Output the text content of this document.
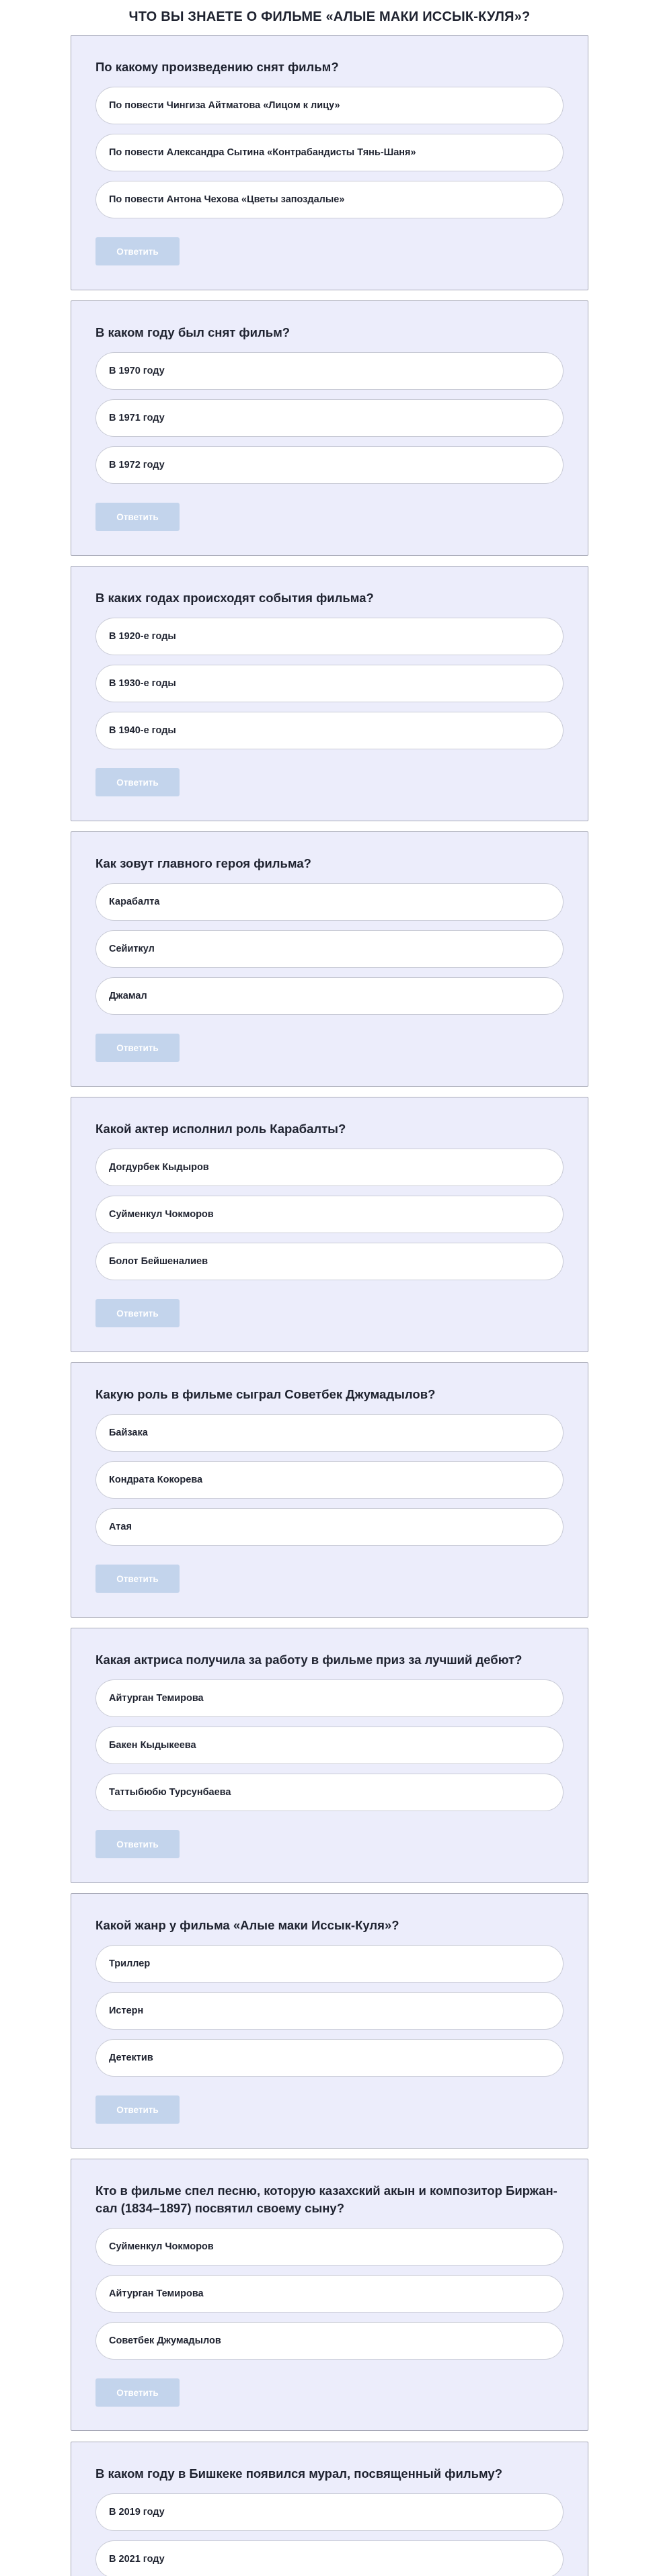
ЧТО ВЫ ЗНАЕТЕ О ФИЛЬМЕ «АЛЫЕ МАКИ ИССЫК-КУЛЯ»?
По какому произведению снят фильм?
По повести Чингиза Айтматова «Лицом к лицу»
По повести Александра Сытина «Контрабандисты Тянь-Шаня»
По повести Антона Чехова «Цветы запоздалые»
Ответить
В каком году был снят фильм?
В 1970 году
В 1971 году
В 1972 году
Ответить
В каких годах происходят события фильма?
В 1920-е годы
В 1930-е годы
В 1940-е годы
Ответить
Как зовут главного героя фильма?
Карабалта
Сейиткул
Джамал
Ответить
Какой актер исполнил роль Карабалты?
Догдурбек Кыдыров
Суйменкул Чокморов
Болот Бейшеналиев
Ответить
Какую роль в фильме сыграл Советбек Джумадылов?
Байзака
Кондрата Кокорева
Атая
Ответить
Какая актриса получила за работу в фильме приз за лучший дебют?
Айтурган Темирова
Бакен Кыдыкеева
Таттыбюбю Турсунбаева
Ответить
Какой жанр у фильма «Алые маки Иссык-Куля»?
Триллер
Истерн
Детектив
Ответить
Кто в фильме спел песню, которую казахский акын и композитор Биржан-сал (1834–1897) посвятил своему сыну?
Суйменкул Чокморов
Айтурган Темирова
Советбек Джумадылов
Ответить
В каком году в Бишкеке появился мурал, посвященный фильму?
В 2019 году
В 2021 году
